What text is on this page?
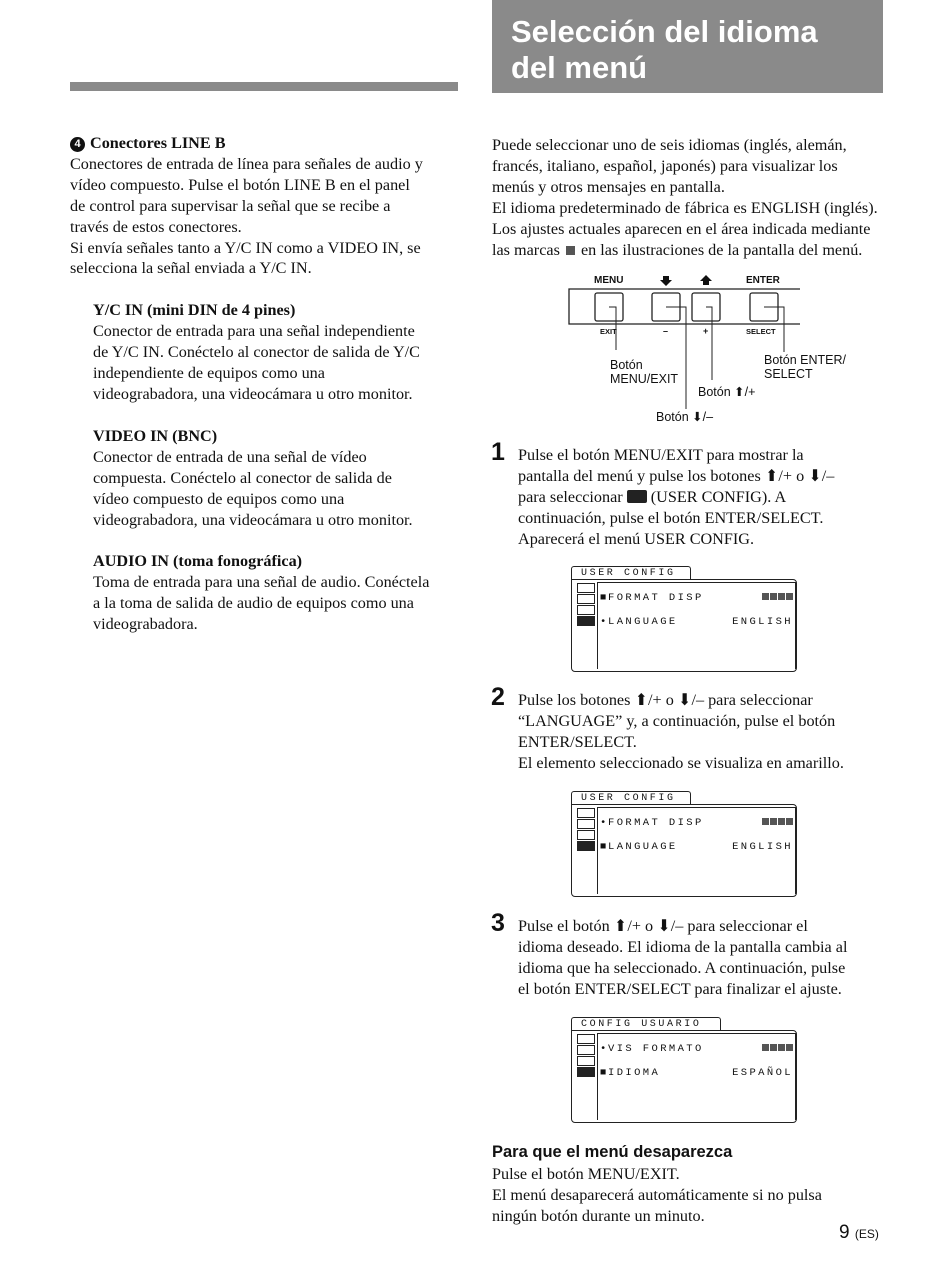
Selección del idioma
del menú

4 Conectores LINE B

Conectores de entrada de línea para señales de audio y

vídeo compuesto. Pulse el botón LINE B en el panel

de control para supervisar la señal que se recibe a

través de estos conectores.

Si envía señales tanto a Y/C IN como a VIDEO IN, se

selecciona la señal enviada a Y/C IN.

Y/C IN (mini DIN de 4 pines)

Conector de entrada para una señal independiente

de Y/C IN. Conéctelo al conector de salida de Y/C

independiente de equipos como una

videograbadora, una videocámara u otro monitor.

VIDEO IN (BNC)

Conector de entrada de una señal de vídeo

compuesta. Conéctelo al conector de salida de

vídeo compuesto de equipos como una

videograbadora, una videocámara u otro monitor.

AUDIO IN (toma fonográfica)

Toma de entrada para una señal de audio. Conéctela

a la toma de salida de audio de equipos como una

videograbadora.

Puede seleccionar uno de seis idiomas (inglés, alemán,

francés, italiano, español, japonés) para visualizar los

menús y otros mensajes en pantalla.

El idioma predeterminado de fábrica es ENGLISH (inglés).

Los ajustes actuales aparecen en el área indicada mediante

las marcas en las ilustraciones de la pantalla del menú.

MENU	ENTER
EXIT	–	+	SELECT
Botón
MENU/EXIT
Botón ENTER/
SELECT
Botón ⬆/+
Botón ⬇/–
1 Pulse el botón MENU/EXIT para mostrar la

pantalla del menú y pulse los botones ⬆/+ o ⬇/–

para seleccionar (USER CONFIG). A

continuación, pulse el botón ENTER/SELECT.

Aparecerá el menú USER CONFIG.

USER CONFIG
■FORMAT DISP
•LANGUAGE	ENGLISH
2 Pulse los botones ⬆/+ o ⬇/– para seleccionar

“LANGUAGE” y, a continuación, pulse el botón

ENTER/SELECT.

El elemento seleccionado se visualiza en amarillo.

USER CONFIG
•FORMAT DISP
■LANGUAGE	ENGLISH
3 Pulse el botón ⬆/+ o ⬇/– para seleccionar el

idioma deseado. El idioma de la pantalla cambia al

idioma que ha seleccionado. A continuación, pulse

el botón ENTER/SELECT para finalizar el ajuste.

CONFIG USUARIO
•VIS FORMATO
■IDIOMA	ESPAÑOL
Para que el menú desaparezca

Pulse el botón MENU/EXIT.

El menú desaparecerá automáticamente si no pulsa

ningún botón durante un minuto.

9 (ES)
